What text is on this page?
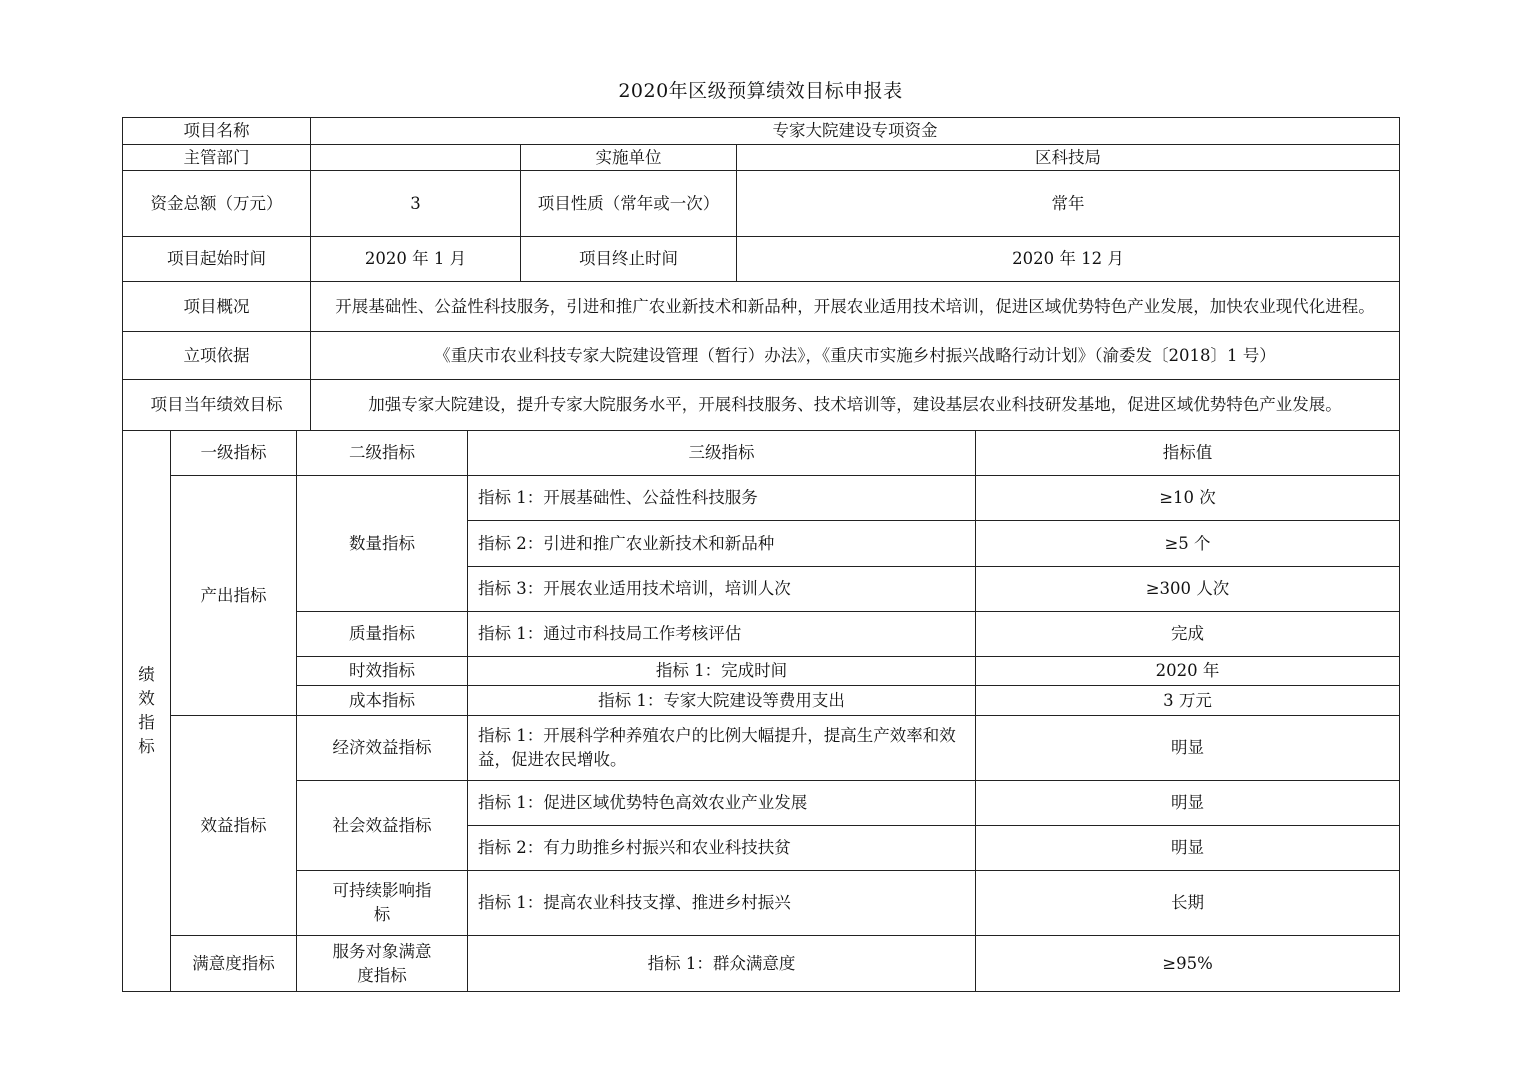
2020年区级预算绩效目标申报表
项目名称	专家大院建设专项资金		
主管部门		实施单位	区科技局
资金总额（万元）	3	项目性质（常年或一次）	常年
项目起始时间	2020 年 1 月	项目终止时间	2020 年 12 月
项目概况	开展基础性、公益性科技服务，引进和推广农业新技术和新品种，开展农业适用技术培训，促进区域优势特色产业发展，加快农业现代化进程。		
立项依据	《重庆市农业科技专家大院建设管理（暂行）办法》，《重庆市实施乡村振兴战略行动计划》（渝委发〔2018〕1 号）		
项目当年绩效目标	加强专家大院建设，提升专家大院服务水平，开展科技服务、技术培训等，建设基层农业科技研发基地，促进区域优势特色产业发展。		
绩效指标	一级指标	二级指标	三级指标	指标值
	产出指标	数量指标	指标 1：开展基础性、公益性科技服务	≥10 次
			指标 2：引进和推广农业新技术和新品种	≥5 个
			指标 3：开展农业适用技术培训，培训人次	≥300 人次
		质量指标	指标 1：通过市科技局工作考核评估	完成
		时效指标	指标 1：完成时间	2020 年
		成本指标	指标 1：专家大院建设等费用支出	3 万元
	效益指标	经济效益指标	指标 1：开展科学种养殖农户的比例大幅提升，提高生产效率和效益，促进农民增收。	明显
		社会效益指标	指标 1：促进区域优势特色高效农业产业发展	明显
			指标 2：有力助推乡村振兴和农业科技扶贫	明显
		可持续影响指标	指标 1：提高农业科技支撑、推进乡村振兴	长期
	满意度指标	服务对象满意度指标	指标 1：群众满意度	≥95%
